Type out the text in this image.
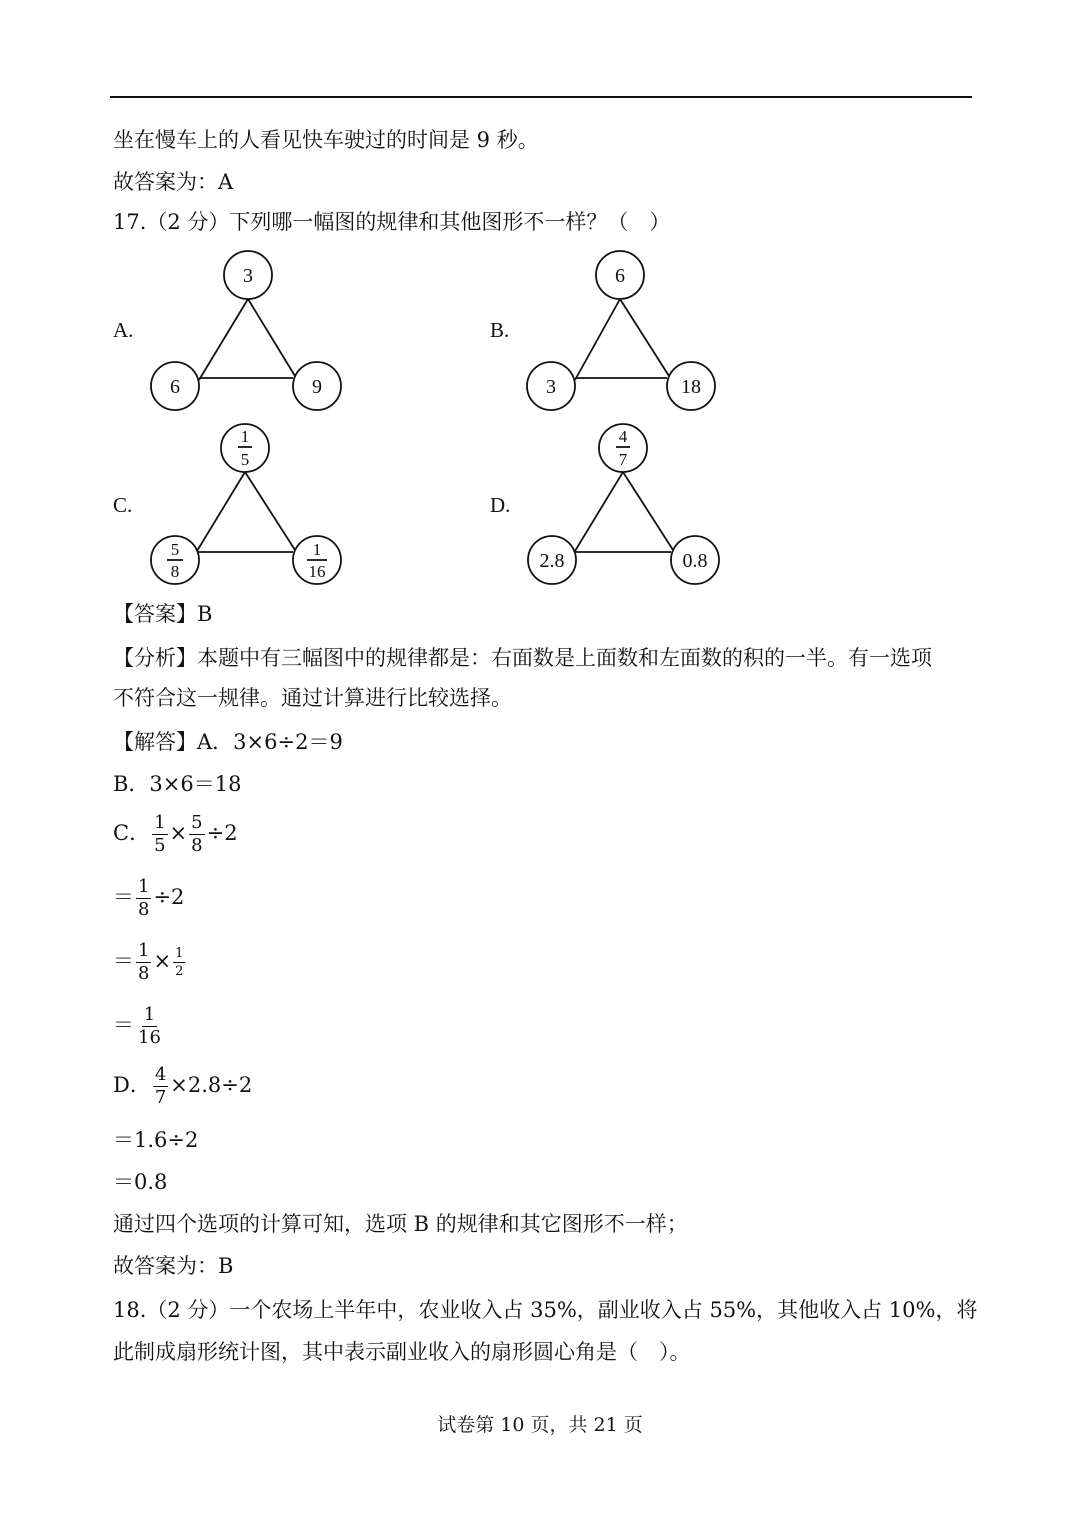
坐在慢车上的人看见快车驶过的时间是 9 秒。
故答案为：A
17.（2 分）下列哪一幅图的规律和其他图形不一样？（　）
A.	B.
C.	D.
3
6	9
6
3	18
2.8	0.8
1
5
5
8
1
16
4
7
【答案】B
【分析】本题中有三幅图中的规律都是：右面数是上面数和左面数的积的一半。有一选项
不符合这一规律。通过计算进行比较选择。
【解答】A．3×6÷2＝9
B．3×6＝18
C． $\frac{1}{5} \times \frac{5}{8} \div 2$
＝ $\frac{1}{8} \div 2$
＝ $\frac{1}{8} \times \frac{1}{2}$
＝ $\frac{1}{16}$
D． $\frac{4}{7} \times 2.8\div 2$
＝1.6÷2
＝0.8
通过四个选项的计算可知，选项 B 的规律和其它图形不一样；
故答案为：B
18.（2 分）一个农场上半年中，农业收入占 35%，副业收入占 55%，其他收入占 10%，将
此制成扇形统计图，其中表示副业收入的扇形圆心角是（　）。
试卷第 10 页，共 21 页
